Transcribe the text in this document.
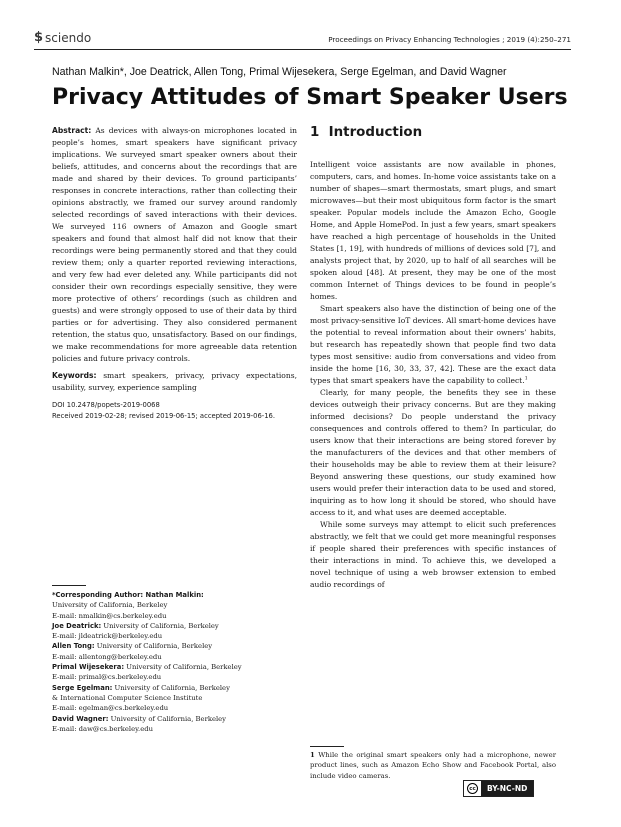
$ sciendo	Proceedings on Privacy Enhancing Technologies ; 2019 (4):250–271
Nathan Malkin*, Joe Deatrick, Allen Tong, Primal Wijesekera, Serge Egelman, and David Wagner
Privacy Attitudes of Smart Speaker Users

Abstract: As devices with always-on microphones located in people’s homes, smart speakers have significant privacy implications. We surveyed smart speaker owners about their beliefs, attitudes, and concerns about the recordings that are made and shared by their devices. To ground participants’ responses in concrete interactions, rather than collecting their opinions abstractly, we framed our survey around randomly selected recordings of saved interactions with their devices. We surveyed 116 owners of Amazon and Google smart speakers and found that almost half did not know that their recordings were being permanently stored and that they could review them; only a quarter reported reviewing interactions, and very few had ever deleted any. While participants did not consider their own recordings especially sensitive, they were more protective of others’ recordings (such as children and guests) and were strongly opposed to use of their data by third parties or for advertising. They also considered permanent retention, the status quo, unsatisfactory. Based on our findings, we make recommendations for more agreeable data retention policies and future privacy controls.

Keywords: smart speakers, privacy, privacy expectations, usability, survey, experience sampling

DOI 10.2478/popets-2019-0068
Received 2019-02-28; revised 2019-06-15; accepted 2019-06-16.
*Corresponding Author: Nathan Malkin:
University of California, Berkeley
E-mail: nmalkin@cs.berkeley.edu
Joe Deatrick: University of California, Berkeley
E-mail: jldeatrick@berkeley.edu
Allen Tong: University of California, Berkeley
E-mail: allentong@berkeley.edu
Primal Wijesekera: University of California, Berkeley
E-mail: primal@cs.berkeley.edu
Serge Egelman: University of California, Berkeley
& International Computer Science Institute
E-mail: egelman@cs.berkeley.edu
David Wagner: University of California, Berkeley
E-mail: daw@cs.berkeley.edu
1 Introduction

Intelligent voice assistants are now available in phones, computers, cars, and homes. In-home voice assistants take on a number of shapes—smart thermostats, smart plugs, and smart microwaves—but their most ubiquitous form factor is the smart speaker. Popular models include the Amazon Echo, Google Home, and Apple HomePod. In just a few years, smart speakers have reached a high percentage of households in the United States [1, 19], with hundreds of millions of devices sold [7], and analysts project that, by 2020, up to half of all searches will be spoken aloud [48]. At present, they may be one of the most common Internet of Things devices to be found in people’s homes.

Smart speakers also have the distinction of being one of the most privacy-sensitive IoT devices. All smart-home devices have the potential to reveal information about their owners’ habits, but research has repeatedly shown that people find two data types most sensitive: audio from conversations and video from inside the home [16, 30, 33, 37, 42]. These are the exact data types that smart speakers have the capability to collect.$^1$

Clearly, for many people, the benefits they see in these devices outweigh their privacy concerns. But are they making informed decisions? Do people understand the privacy consequences and controls offered to them? In particular, do users know that their interactions are being stored forever by the manufacturers of the devices and that other members of their households may be able to review them at their leisure? Beyond answering these questions, our study examined how users would prefer their interaction data to be used and stored, inquiring as to how long it should be stored, who should have access to it, and what uses are deemed acceptable.

While some surveys may attempt to elicit such preferences abstractly, we felt that we could get more meaningful responses if people shared their preferences with specific instances of their interactions in mind. To achieve this, we developed a novel technique of using a web browser extension to embed audio recordings of

1 While the original smart speakers only had a microphone, newer product lines, such as Amazon Echo Show and Facebook Portal, also include video cameras.
cc	BY-NC-ND
